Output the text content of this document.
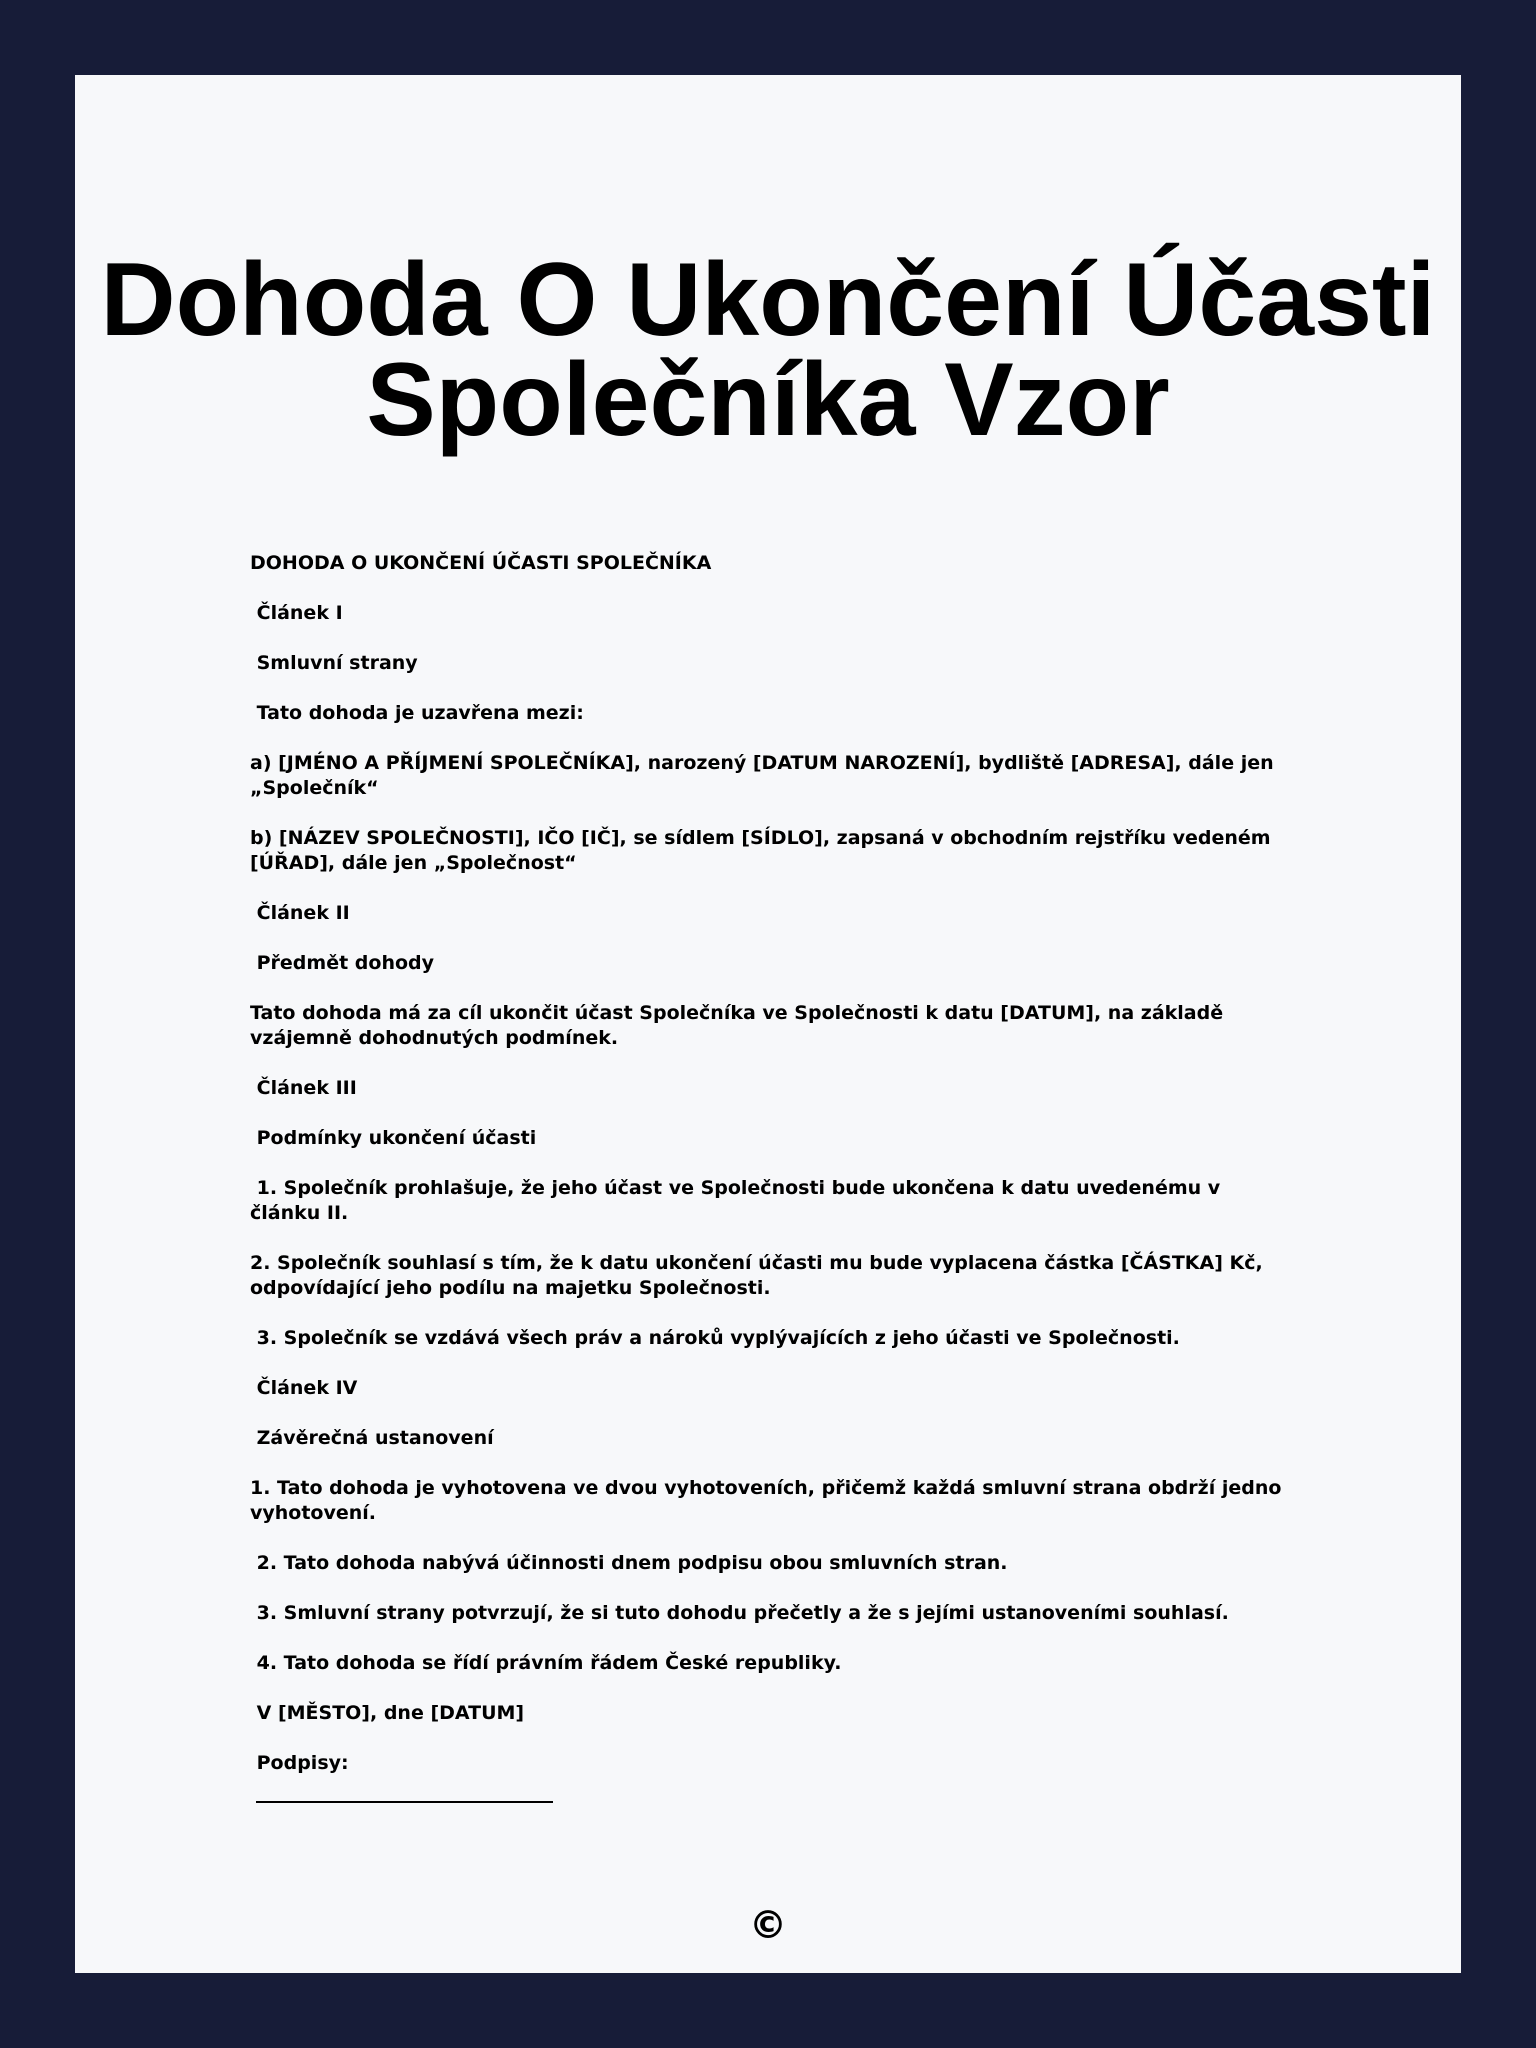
Dohoda O Ukončení Účasti
Společníka Vzor

DOHODA O UKONČENÍ ÚČASTI SPOLEČNÍKA

Článek I

Smluvní strany

Tato dohoda je uzavřena mezi:

a) [JMÉNO A PŘÍJMENÍ SPOLEČNÍKA], narozený [DATUM NAROZENÍ], bydliště [ADRESA], dále jen „Společník“

b) [NÁZEV SPOLEČNOSTI], IČO [IČ], se sídlem [SÍDLO], zapsaná v obchodním rejstříku vedeném [ÚŘAD], dále jen „Společnost“

Článek II

Předmět dohody

Tato dohoda má za cíl ukončit účast Společníka ve Společnosti k datu [DATUM], na základě vzájemně dohodnutých podmínek.

Článek III

Podmínky ukončení účasti

1. Společník prohlašuje, že jeho účast ve Společnosti bude ukončena k datu uvedenému v článku II.

2. Společník souhlasí s tím, že k datu ukončení účasti mu bude vyplacena částka [ČÁSTKA] Kč, odpovídající jeho podílu na majetku Společnosti.

3. Společník se vzdává všech práv a nároků vyplývajících z jeho účasti ve Společnosti.

Článek IV

Závěrečná ustanovení

1. Tato dohoda je vyhotovena ve dvou vyhotoveních, přičemž každá smluvní strana obdrží jedno vyhotovení.

2. Tato dohoda nabývá účinnosti dnem podpisu obou smluvních stran.

3. Smluvní strany potvrzují, že si tuto dohodu přečetly a že s jejími ustanoveními souhlasí.

4. Tato dohoda se řídí právním řádem České republiky.

V [MĚSTO], dne [DATUM]

Podpisy:

©
